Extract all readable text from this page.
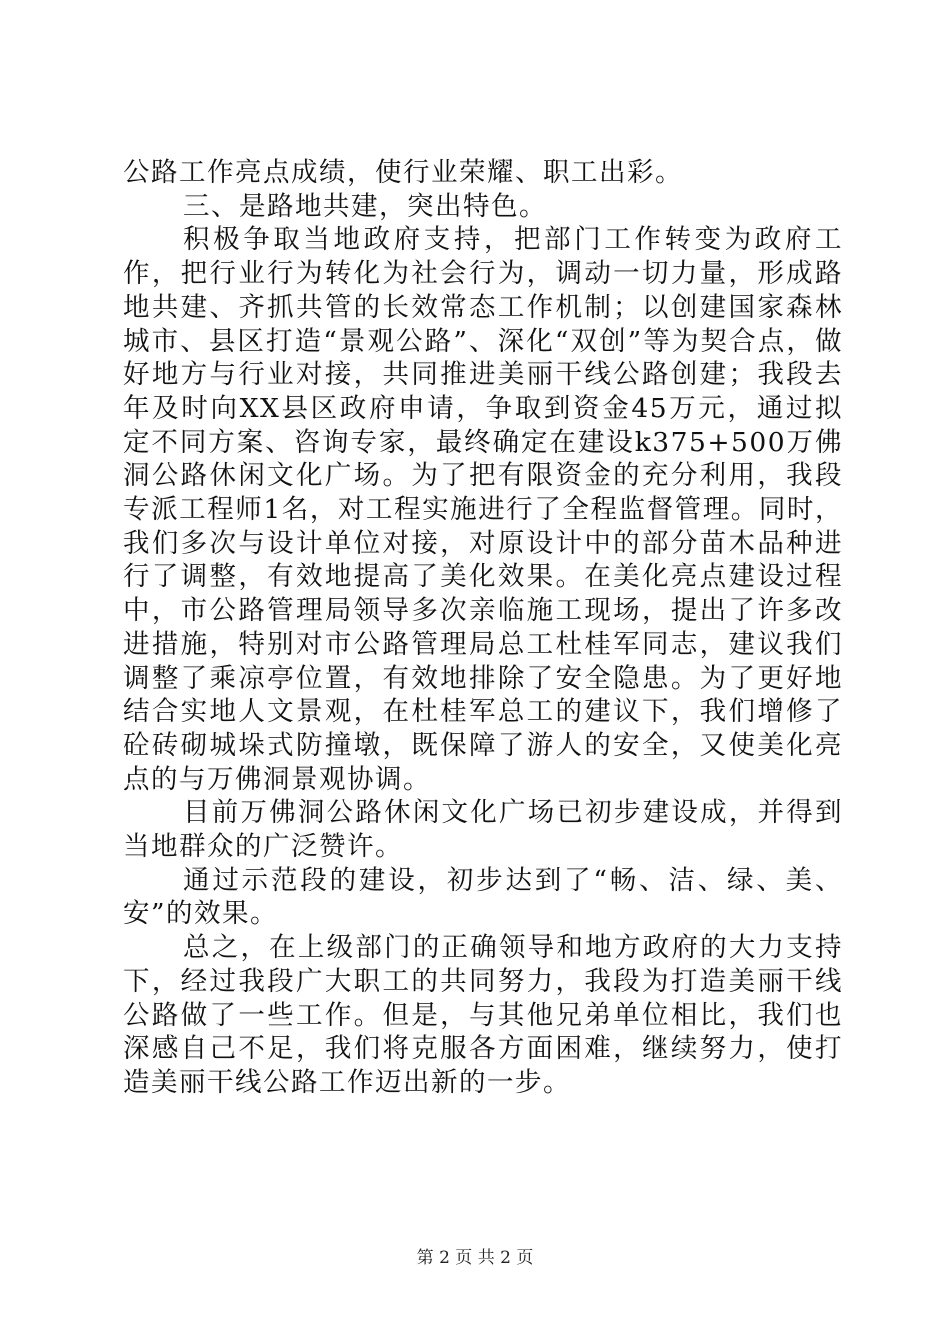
公路工作亮点成绩，使行业荣耀、职工出彩。

三、是路地共建，突出特色。

积极争取当地政府支持，把部门工作转变为政府工作，把行业行为转化为社会行为，调动一切力量，形成路地共建、齐抓共管的长效常态工作机制；以创建国家森林城市、县区打造“景观公路”、深化“双创”等为契合点，做好地方与行业对接，共同推进美丽干线公路创建；我段去年及时向XX县区政府申请，争取到资金45万元，通过拟定不同方案、咨询专家，最终确定在建设k375+500万佛洞公路休闲文化广场。为了把有限资金的充分利用，我段专派工程师1名，对工程实施进行了全程监督管理。同时，我们多次与设计单位对接，对原设计中的部分苗木品种进行了调整，有效地提高了美化效果。在美化亮点建设过程中，市公路管理局领导多次亲临施工现场，提出了许多改进措施，特别对市公路管理局总工杜桂军同志，建议我们调整了乘凉亭位置，有效地排除了安全隐患。为了更好地结合实地人文景观，在杜桂军总工的建议下，我们增修了砼砖砌城垛式防撞墩，既保障了游人的安全，又使美化亮点的与万佛洞景观协调。

目前万佛洞公路休闲文化广场已初步建设成，并得到当地群众的广泛赞许。

通过示范段的建设，初步达到了“畅、洁、绿、美、安”的效果。

总之，在上级部门的正确领导和地方政府的大力支持下，经过我段广大职工的共同努力，我段为打造美丽干线公路做了一些工作。但是，与其他兄弟单位相比，我们也深感自己不足，我们将克服各方面困难，继续努力，使打造美丽干线公路工作迈出新的一步。

第 2 页 共 2 页
